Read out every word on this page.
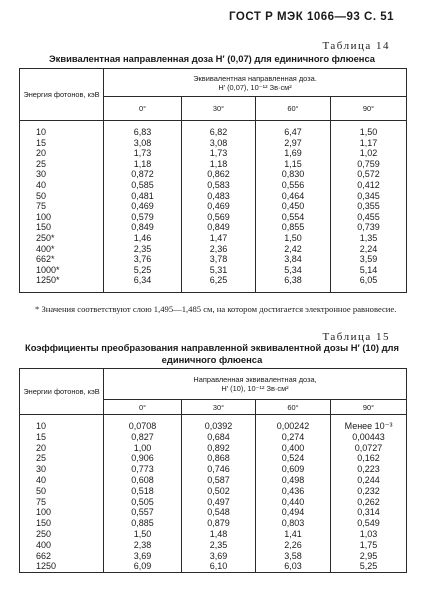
ГОСТ Р МЭК 1066—93 С. 51
Таблица 14
Эквивалентная направленная доза H′ (0,07) для единичного флюенса
Энергия фотонов, кэВ	Эквивалентная направленная доза.
H′ (0,07), 10⁻¹² Зв·см²			

	0°	30°	60°	90°

10	6,83	6,82	6,47	1,50
15	3,08	3,08	2,97	1,17
20	1,73	1,73	1,69	1,02
25	1,18	1,18	1,15	0,759
30	0,872	0,862	0,830	0,572
40	0,585	0,583	0,556	0,412
50	0,481	0,483	0,464	0,345
75	0,469	0,469	0,450	0,355
100	0,579	0,569	0,554	0,455
150	0,849	0,849	0,855	0,739
250*	1,46	1,47	1,50	1,35
400*	2,35	2,36	2,42	2,24
662*	3,76	3,78	3,84	3,59
1000*	5,25	5,31	5,34	5,14
1250*	6,34	6,25	6,38	6,05

* Значения соответствуют слою 1,495—1,485 см, на котором достигается электронное равновесие.
Таблица 15
Коэффициенты преобразования направленной эквивалентной дозы H′ (10) для
единичного флюенса
Энергии фотонов, кэВ	Направленная эквивалентная доза,
H′ (10), 10⁻¹² Зв·см²			

	0°	30°	60°	90°

10	0,0708	0,0392	0,00242	Менее 10⁻³
15	0,827	0,684	0,274	0,00443
20	1,00	0,892	0,400	0,0727
25	0,906	0,868	0,524	0,162
30	0,773	0,746	0,609	0,223
40	0,608	0,587	0,498	0,244
50	0,518	0,502	0,436	0,232
75	0,505	0,497	0,440	0,262
100	0,557	0,548	0,494	0,314
150	0,885	0,879	0,803	0,549
250	1,50	1,48	1,41	1,03
400	2,38	2,35	2,26	1,75
662	3,69	3,69	3,58	2,95
1250	6,09	6,10	6,03	5,25
